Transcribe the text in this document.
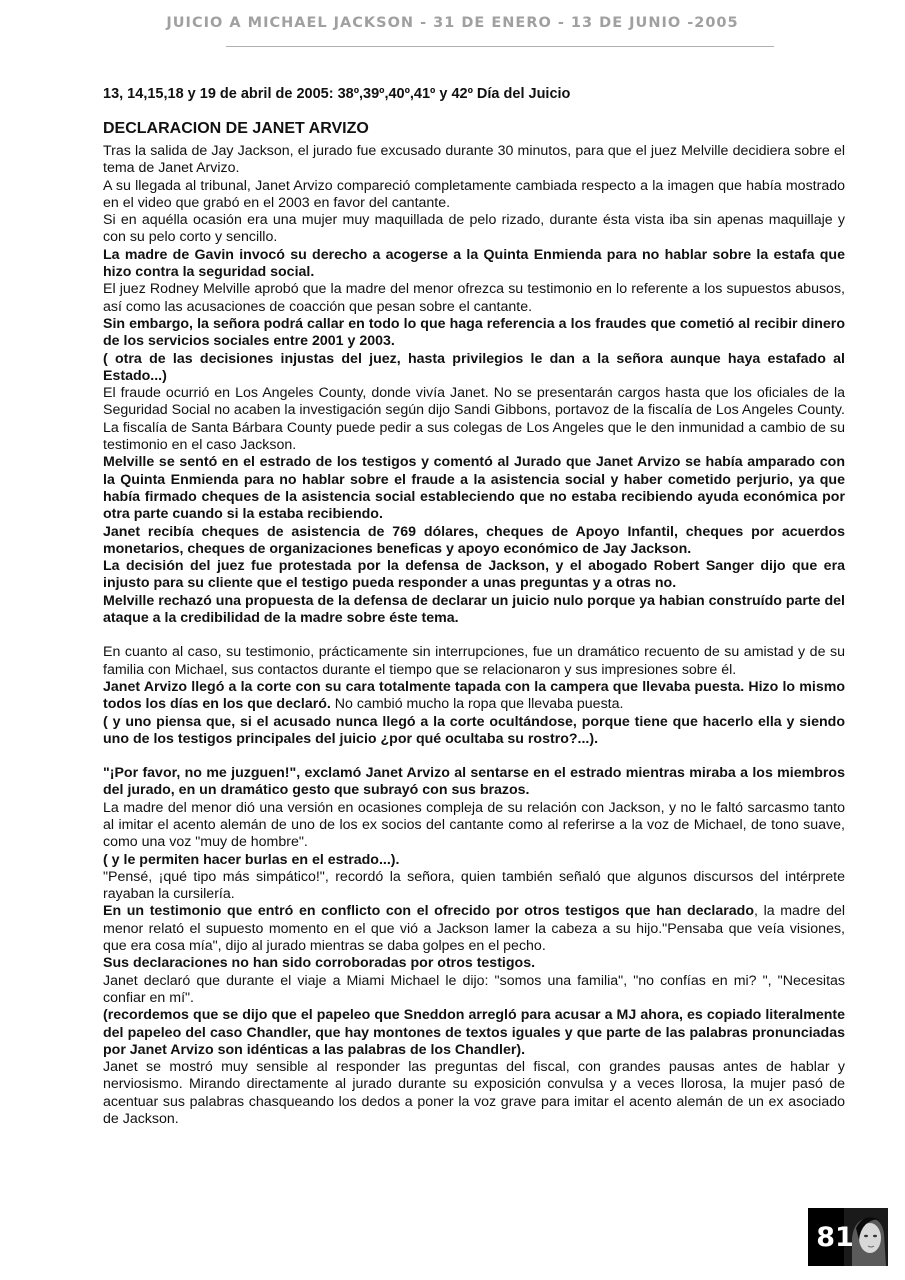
JUICIO A MICHAEL JACKSON - 31 DE ENERO - 13 DE JUNIO -2005

13, 14,15,18 y 19 de abril de 2005: 38º,39º,40º,41º y 42º Día del Juicio

DECLARACION DE JANET ARVIZO

Tras la salida de Jay Jackson, el jurado fue excusado durante 30 minutos, para que el juez Melville decidiera sobre el tema de Janet Arvizo.

A su llegada al tribunal, Janet Arvizo compareció completamente cambiada respecto a la imagen que había mostrado en el video que grabó en el 2003 en favor del cantante.

Si en aquélla ocasión era una mujer muy maquillada de pelo rizado, durante ésta vista iba sin apenas maquillaje y con su pelo corto y sencillo.

La madre de Gavin invocó su derecho a acogerse a la Quinta Enmienda para no hablar sobre la estafa que hizo contra la seguridad social.

El juez Rodney Melville aprobó que la madre del menor ofrezca su testimonio en lo referente a los supuestos abusos, así como las acusaciones de coacción que pesan sobre el cantante.

Sin embargo, la señora podrá callar en todo lo que haga referencia a los fraudes que cometió al recibir dinero de los servicios sociales entre 2001 y 2003.

( otra de las decisiones injustas del juez, hasta privilegios le dan a la señora aunque haya estafado al Estado...)

El fraude ocurrió en Los Angeles County, donde vivía Janet. No se presentarán cargos hasta que los oficiales de la Seguridad Social no acaben la investigación según dijo Sandi Gibbons, portavoz de la fiscalía de Los Angeles County.

La fiscalía de Santa Bárbara County puede pedir a sus colegas de Los Angeles que le den inmunidad a cambio de su testimonio en el caso Jackson.

Melville se sentó en el estrado de los testigos y comentó al Jurado que Janet Arvizo se había amparado con la Quinta Enmienda para no hablar sobre el fraude a la asistencia social y haber cometido perjurio, ya que había firmado cheques de la asistencia social estableciendo que no estaba recibiendo ayuda económica por otra parte cuando si la estaba recibiendo.

Janet recibía cheques de asistencia de 769 dólares, cheques de Apoyo Infantil, cheques por acuerdos monetarios, cheques de organizaciones beneficas y apoyo económico de Jay Jackson.

La decisión del juez fue protestada por la defensa de Jackson, y el abogado Robert Sanger dijo que era injusto para su cliente que el testigo pueda responder a unas preguntas y a otras no.

Melville rechazó una propuesta de la defensa de declarar un juicio nulo porque ya habian construído parte del ataque a la credibilidad de la madre sobre éste tema.

En cuanto al caso, su testimonio, prácticamente sin interrupciones, fue un dramático recuento de su amistad y de su familia con Michael, sus contactos durante el tiempo que se relacionaron y sus impresiones sobre él.

Janet Arvizo llegó a la corte con su cara totalmente tapada con la campera que llevaba puesta. Hizo lo mismo todos los días en los que declaró. No cambió mucho la ropa que llevaba puesta.

( y uno piensa que, si el acusado nunca llegó a la corte ocultándose, porque tiene que hacerlo ella y siendo uno de los testigos principales del juicio ¿por qué ocultaba su rostro?...).

"¡Por favor, no me juzguen!", exclamó Janet Arvizo al sentarse en el estrado mientras miraba a los miembros del jurado, en un dramático gesto que subrayó con sus brazos.

La madre del menor dió una versión en ocasiones compleja de su relación con Jackson, y no le faltó sarcasmo tanto al imitar el acento alemán de uno de los ex socios del cantante como al referirse a la voz de Michael, de tono suave, como una voz "muy de hombre".

( y le permiten hacer burlas en el estrado...).

"Pensé, ¡qué tipo más simpático!", recordó la señora, quien también señaló que algunos discursos del intérprete rayaban la cursilería.

En un testimonio que entró en conflicto con el ofrecido por otros testigos que han declarado, la madre del menor relató el supuesto momento en el que vió a Jackson lamer la cabeza a su hijo."Pensaba que veía visiones, que era cosa mía", dijo al jurado mientras se daba golpes en el pecho.

Sus declaraciones no han sido corroboradas por otros testigos.

Janet declaró que durante el viaje a Miami Michael le dijo: "somos una familia", "no confías en mi? ", "Necesitas confiar en mí".

(recordemos que se dijo que el papeleo que Sneddon arregló para acusar a MJ ahora, es copiado literalmente del papeleo del caso Chandler, que hay montones de textos iguales y que parte de las palabras pronunciadas por Janet Arvizo son idénticas a las palabras de los Chandler).

Janet se mostró muy sensible al responder las preguntas del fiscal, con grandes pausas antes de hablar y nerviosismo. Mirando directamente al jurado durante su exposición convulsa y a veces llorosa, la mujer pasó de acentuar sus palabras chasqueando los dedos a poner la voz grave para imitar el acento alemán de un ex asociado de Jackson.

81
